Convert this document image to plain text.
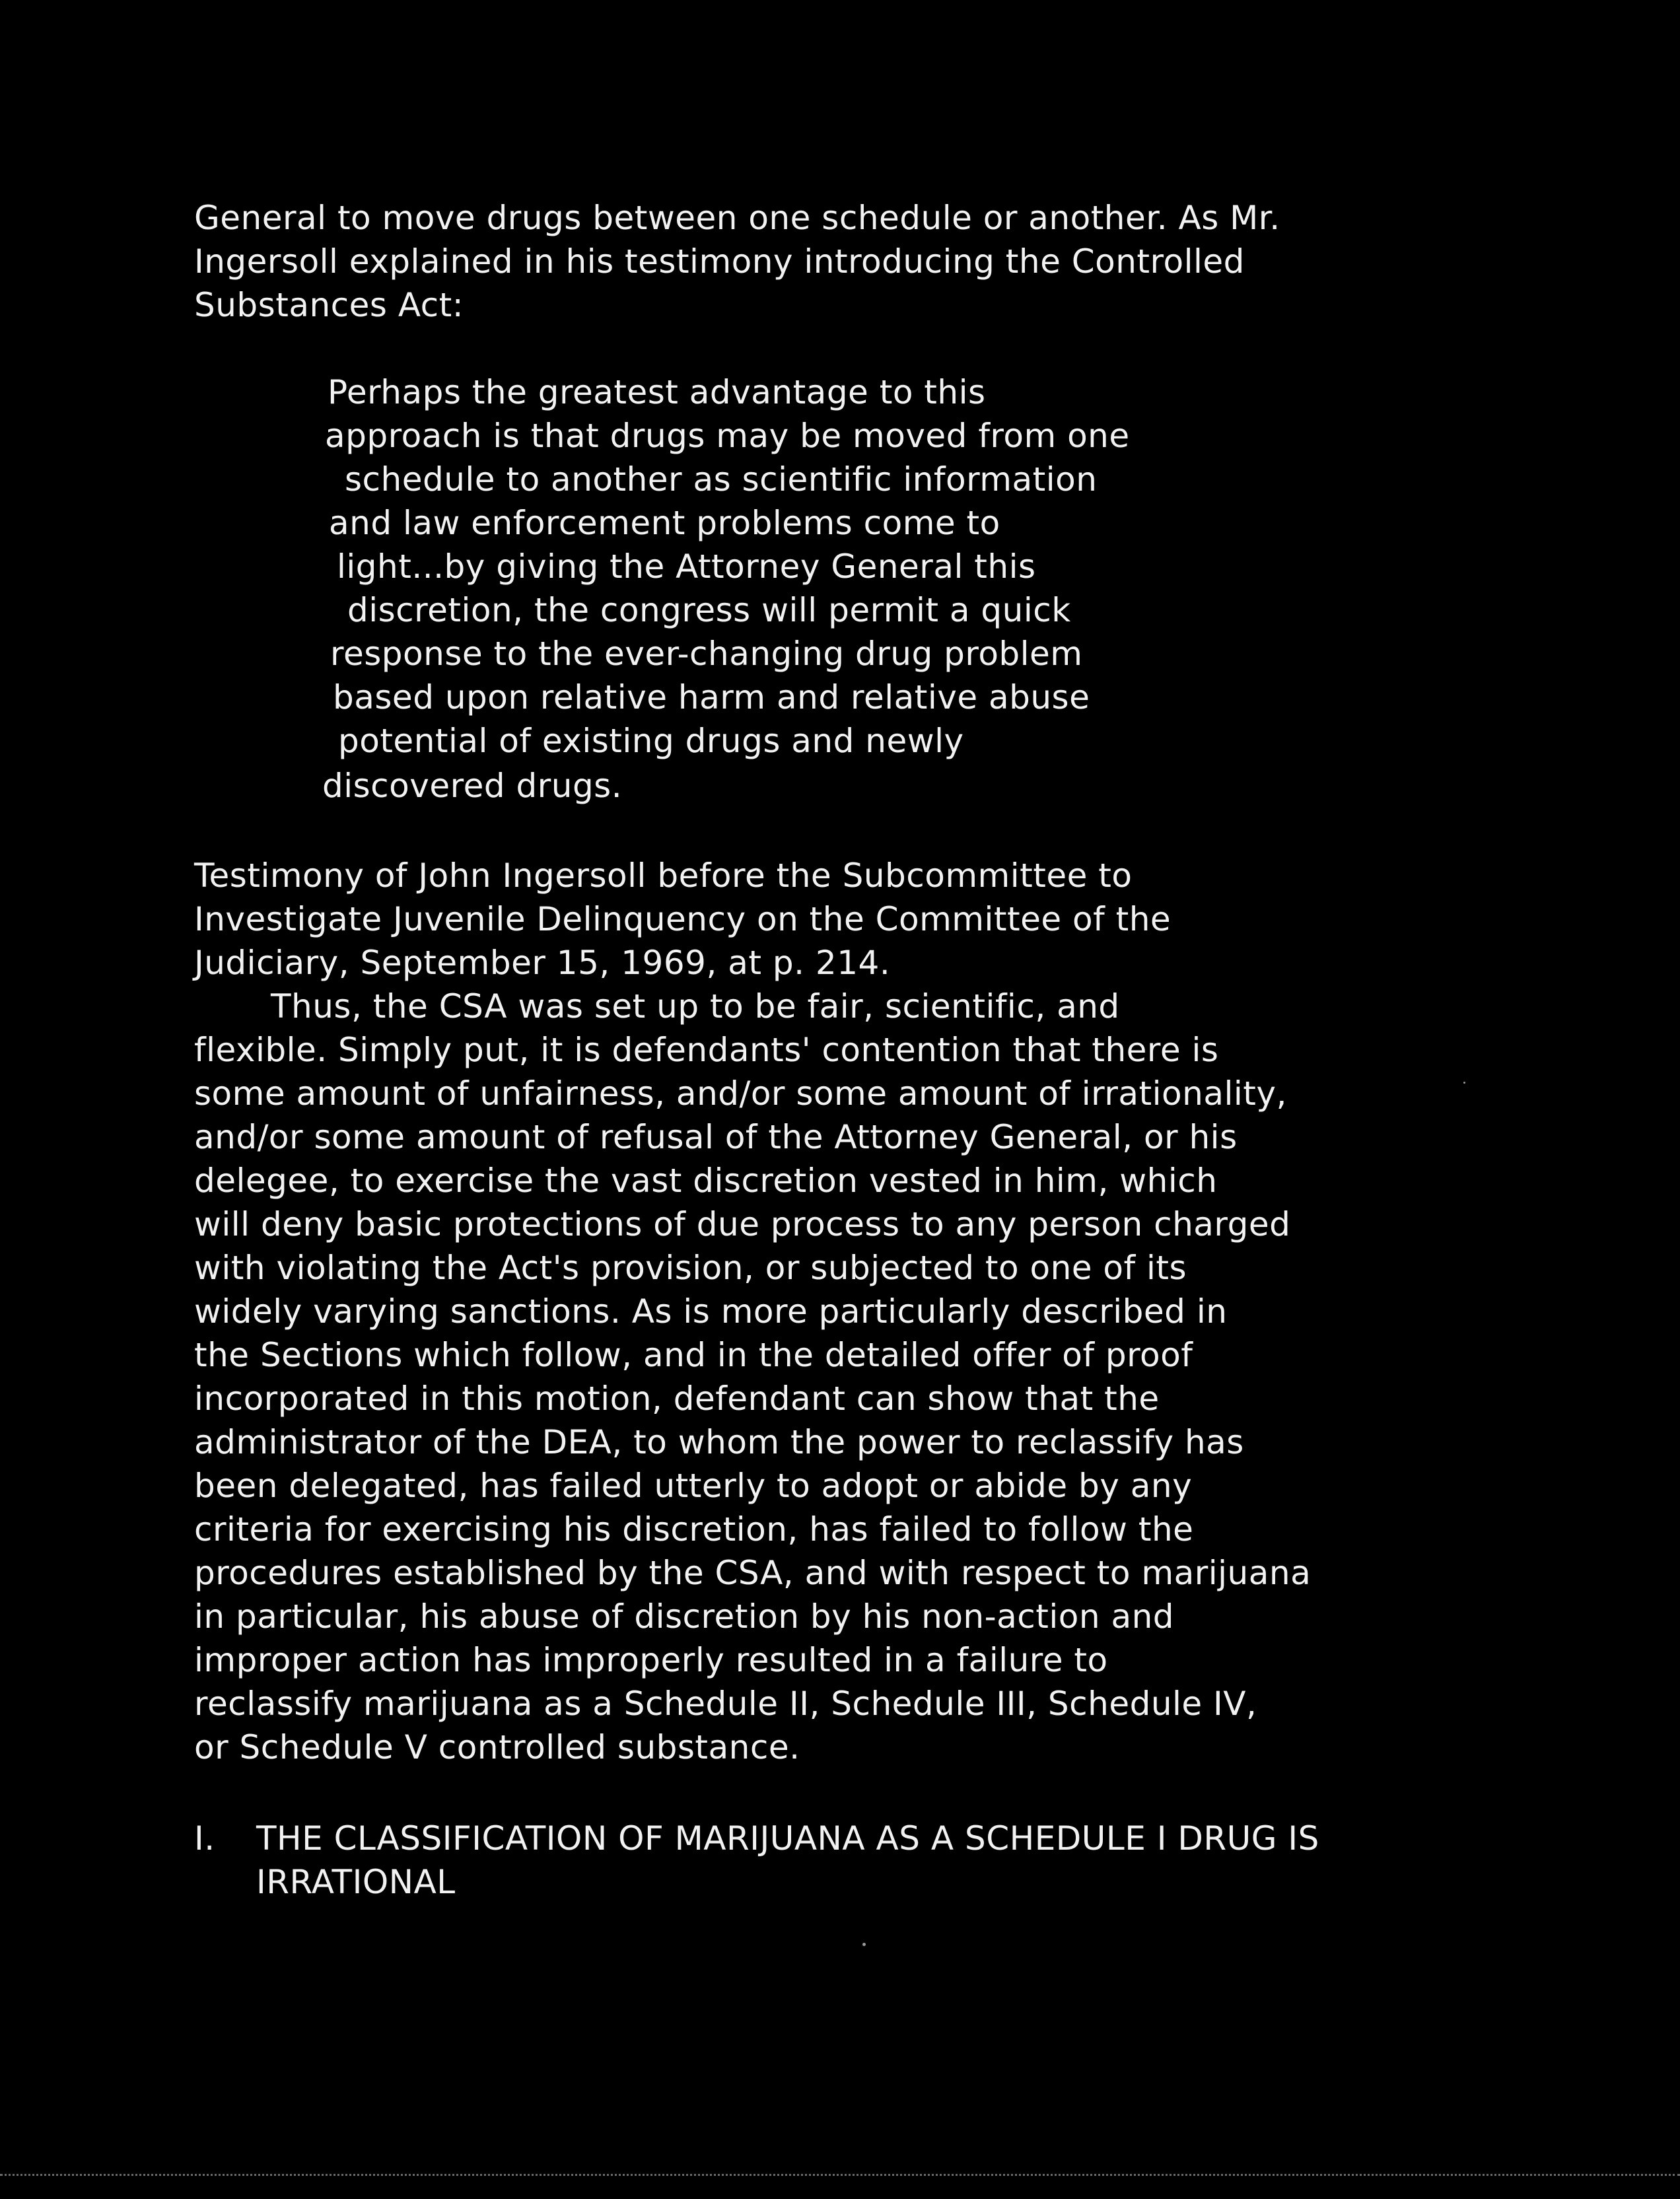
General to move drugs between one schedule or another. As Mr.
Ingersoll explained in his testimony introducing the Controlled
Substances Act:
Perhaps the greatest advantage to this
approach is that drugs may be moved from one
schedule to another as scientific information
and law enforcement problems come to
light...by giving the Attorney General this
discretion, the congress will permit a quick
response to the ever-changing drug problem
based upon relative harm and relative abuse
potential of existing drugs and newly
discovered drugs.
Testimony of John Ingersoll before the Subcommittee to
Investigate Juvenile Delinquency on the Committee of the
Judiciary, September 15, 1969, at p. 214.
Thus, the CSA was set up to be fair, scientific, and
flexible. Simply put, it is defendants' contention that there is
some amount of unfairness, and/or some amount of irrationality,
and/or some amount of refusal of the Attorney General, or his
delegee, to exercise the vast discretion vested in him, which
will deny basic protections of due process to any person charged
with violating the Act's provision, or subjected to one of its
widely varying sanctions. As is more particularly described in
the Sections which follow, and in the detailed offer of proof
incorporated in this motion, defendant can show that the
administrator of the DEA, to whom the power to reclassify has
been delegated, has failed utterly to adopt or abide by any
criteria for exercising his discretion, has failed to follow the
procedures established by the CSA, and with respect to marijuana
in particular, his abuse of discretion by his non-action and
improper action has improperly resulted in a failure to
reclassify marijuana as a Schedule II, Schedule III, Schedule IV,
or Schedule V controlled substance.
I. THE CLASSIFICATION OF MARIJUANA AS A SCHEDULE I DRUG IS
IRRATIONAL
